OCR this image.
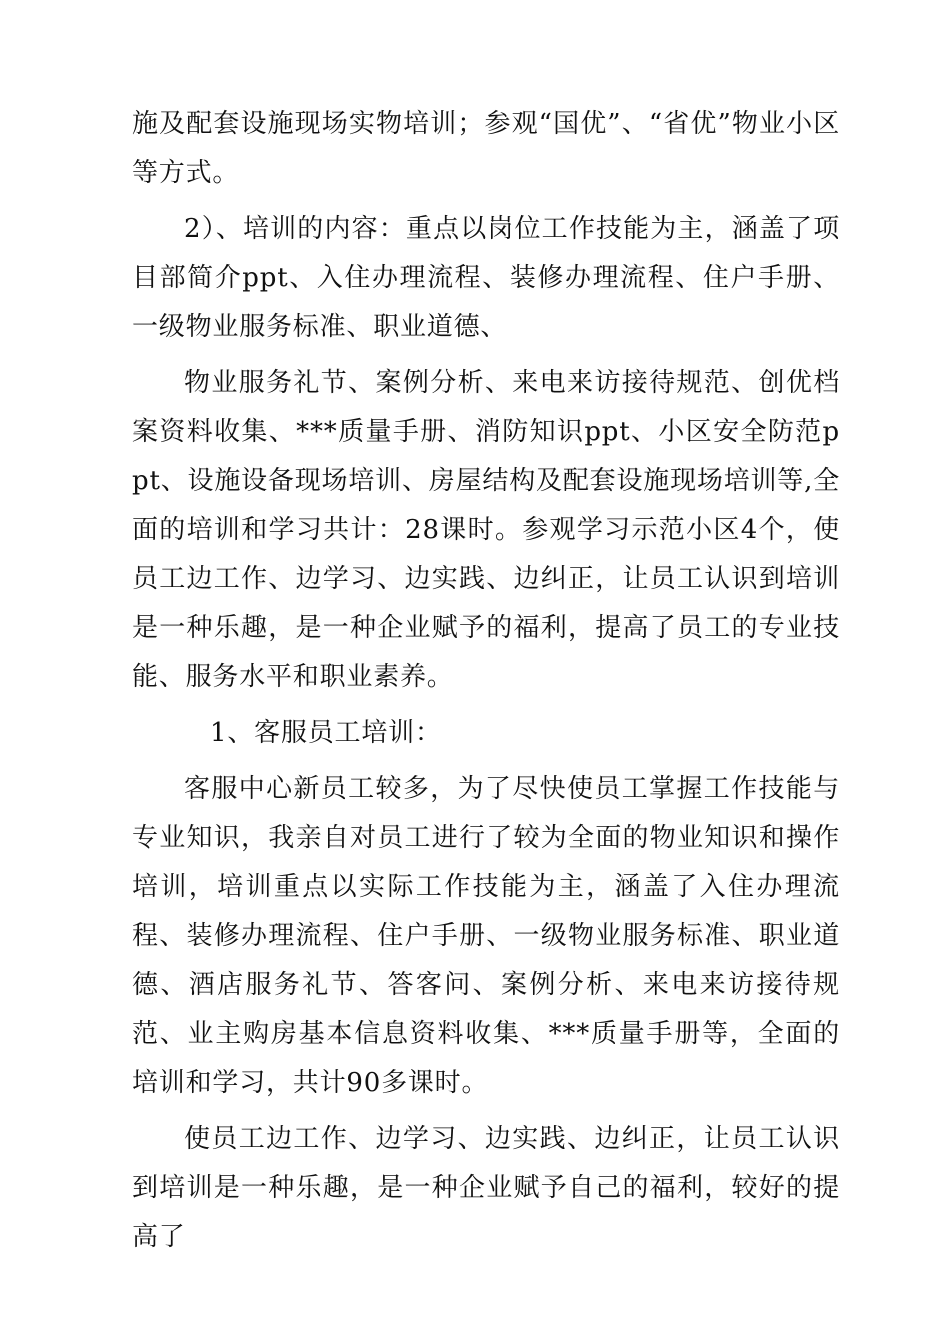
施及配套设施现场实物培训；参观“国优”、“省优”物业小区等方式。

2）、培训的内容：重点以岗位工作技能为主，涵盖了项目部简介ppt、入住办理流程、装修办理流程、住户手册、一级物业服务标准、职业道德、

物业服务礼节、案例分析、来电来访接待规范、创优档案资料收集、***质量手册、消防知识ppt、小区安全防范ppt、设施设备现场培训、房屋结构及配套设施现场培训等,全面的培训和学习共计：28课时。参观学习示范小区4个，使员工边工作、边学习、边实践、边纠正，让员工认识到培训是一种乐趣，是一种企业赋予的福利，提高了员工的专业技能、服务水平和职业素养。

1、客服员工培训：

客服中心新员工较多，为了尽快使员工掌握工作技能与专业知识，我亲自对员工进行了较为全面的物业知识和操作培训，培训重点以实际工作技能为主，涵盖了入住办理流程、装修办理流程、住户手册、一级物业服务标准、职业道德、酒店服务礼节、答客问、案例分析、来电来访接待规范、业主购房基本信息资料收集、***质量手册等，全面的培训和学习，共计90多课时。

使员工边工作、边学习、边实践、边纠正，让员工认识到培训是一种乐趣，是一种企业赋予自己的福利，较好的提高了
